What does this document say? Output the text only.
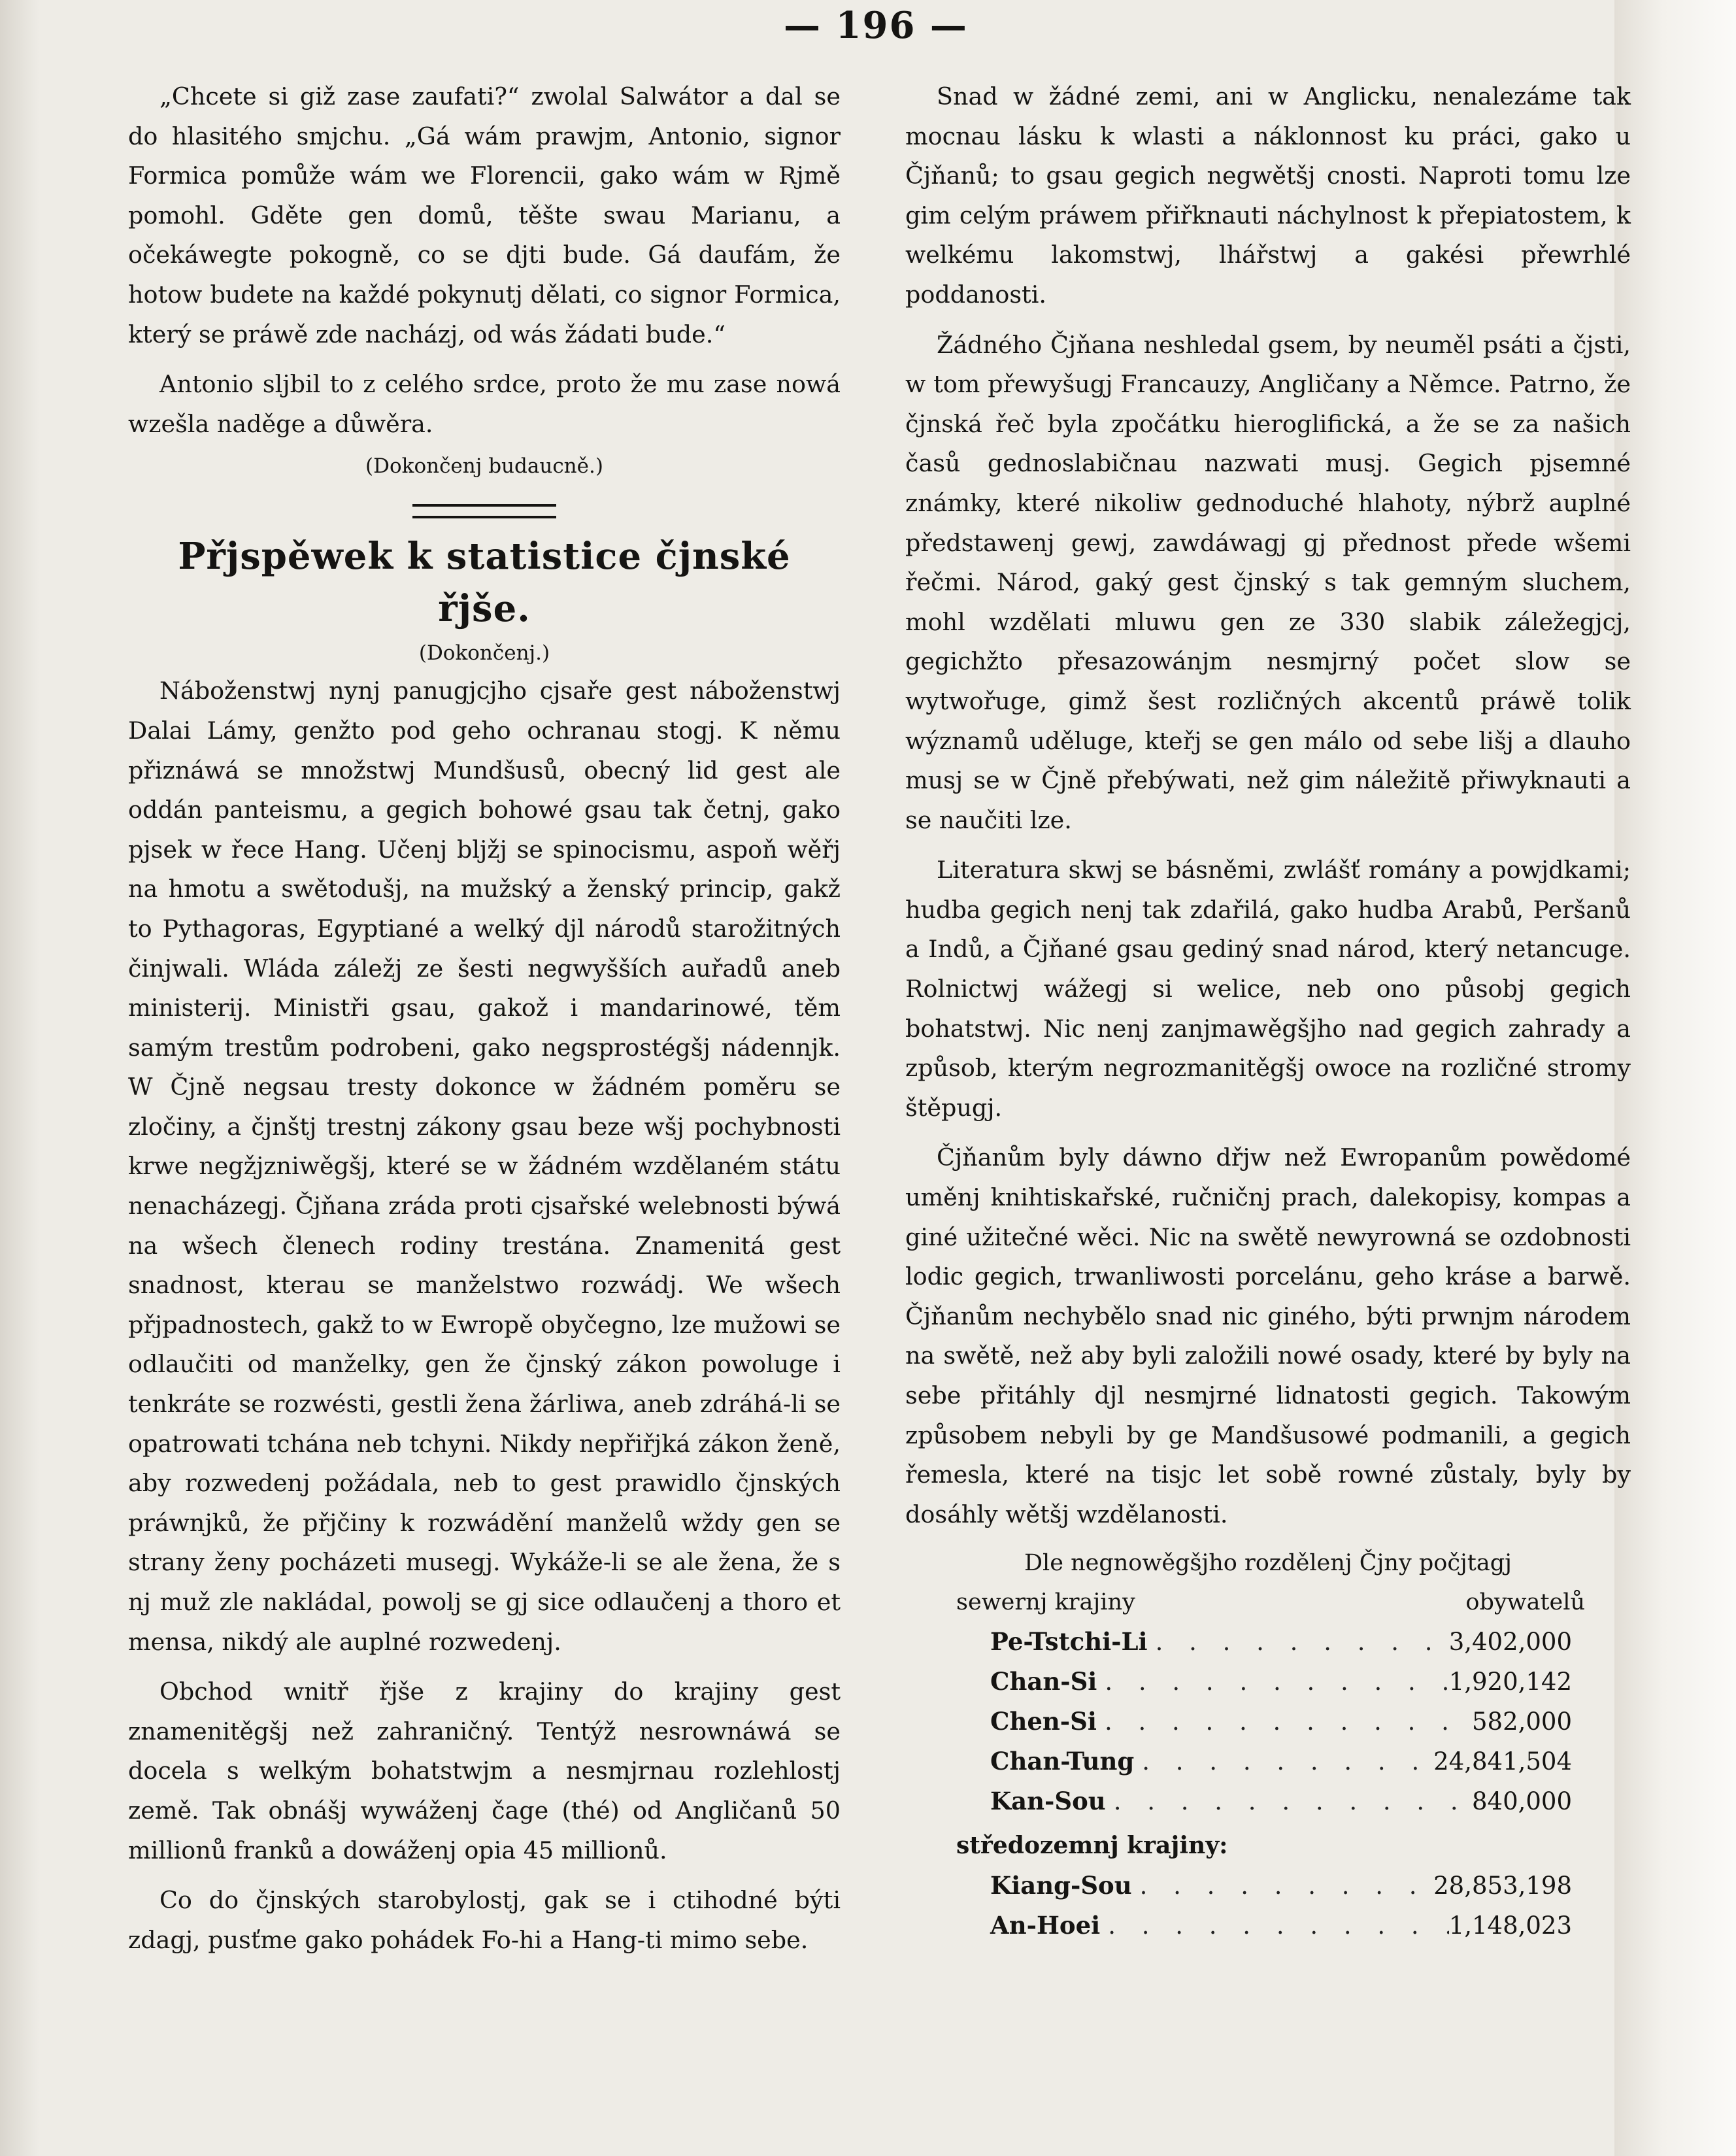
— 196 —

„Chcete si giž zase zaufati?“ zwolal Salwátor a dal se do hlasitého smjchu. „Gá wám prawjm, Antonio, signor Formica pomůže wám we Florencii, gako wám w Rjmě pomohl. Gděte gen domů, těšte swau Marianu, a očekáwegte pokogně, co se djti bude. Gá daufám, že hotow budete na každé pokynutj dělati, co signor Formica, který se práwě zde nacházj, od wás žádati bude.“

Antonio sljbil to z celého srdce, proto že mu zase nowá wzešla naděge a důwěra.

(Dokončenj budaucně.)
Přjspěwek k statistice čjnské řjše.
(Dokončenj.)

Náboženstwj nynj panugjcjho cjsaře gest náboženstwj Dalai Lámy, genžto pod geho ochranau stogj. K němu přiznáwá se množstwj Mundšusů, obecný lid gest ale oddán panteismu, a gegich bohowé gsau tak četnj, gako pjsek w řece Hang. Učenj bljžj se spinocismu, aspoň wěřj na hmotu a swětodušj, na mužský a ženský princip, gakž to Pythagoras, Egyptiané a welký djl národů starožitných činjwali. Wláda záležj ze šesti negwyšších auřadů aneb ministerij. Ministři gsau, gakož i mandarinowé, těm samým trestům podrobeni, gako negsprostégšj nádennjk. W Čjně negsau tresty dokonce w žádném poměru se zločiny, a čjnštj trestnj zákony gsau beze wšj pochybnosti krwe negžjzniwěgšj, které se w žádném wzdělaném státu nenacházegj. Čjňana zráda proti cjsařské welebnosti býwá na wšech členech rodiny trestána. Znamenitá gest snadnost, kterau se manželstwo rozwádj. We wšech přjpadnostech, gakž to w Ewropě obyčegno, lze mužowi se odlaučiti od manželky, gen že čjnský zákon powoluge i tenkráte se rozwésti, gestli žena žárliwa, aneb zdráhá-li se opatrowati tchána neb tchyni. Nikdy nepřiřjká zákon ženě, aby rozwedenj požádala, neb to gest prawidlo čjnských práwnjků, že přjčiny k rozwádění manželů wždy gen se strany ženy pocházeti musegj. Wykáže-li se ale žena, že s nj muž zle nakládal, powolj se gj sice odlaučenj a thoro et mensa, nikdý ale auplné rozwedenj.

Obchod wnitř řjše z krajiny do krajiny gest znamenitěgšj než zahraničný. Tentýž nesrownáwá se docela s welkým bohatstwjm a nesmjrnau rozlehlostj země. Tak obnášj wywáženj čage (thé) od Angličanů 50 millionů franků a dowáženj opia 45 millionů.

Co do čjnských starobylostj, gak se i ctihodné býti zdagj, pusťme gako pohádek Fo-hi a Hang-ti mimo sebe.

Snad w žádné zemi, ani w Anglicku, nenalezáme tak mocnau lásku k wlasti a náklonnost ku práci, gako u Čjňanů; to gsau gegich negwětšj cnosti. Naproti tomu lze gim celým práwem přiřknauti náchylnost k přepiatostem, k welkému lakomstwj, lhářstwj a gakési přewrhlé poddanosti.

Žádného Čjňana neshledal gsem, by neuměl psáti a čjsti, w tom přewyšugj Francauzy, Angličany a Němce. Patrno, že čjnská řeč byla zpočátku hieroglifická, a že se za našich časů gednoslabičnau nazwati musj. Gegich pjsemné známky, které nikoliw gednoduché hlahoty, nýbrž auplné předstawenj gewj, zawdáwagj gj přednost přede wšemi řečmi. Národ, gaký gest čjnský s tak gemným sluchem, mohl wzdělati mluwu gen ze 330 slabik záležegjcj, gegichžto přesazowánjm nesmjrný počet slow se wytwořuge, gimž šest rozličných akcentů práwě tolik wýznamů uděluge, kteřj se gen málo od sebe lišj a dlauho musj se w Čjně přebýwati, než gim náležitě přiwyknauti a se naučiti lze.

Literatura skwj se básněmi, zwlášť romány a powjdkami; hudba gegich nenj tak zdařilá, gako hudba Arabů, Peršanů a Indů, a Čjňané gsau gediný snad národ, který netancuge. Rolnictwj wážegj si welice, neb ono působj gegich bohatstwj. Nic nenj zanjmawěgšjho nad gegich zahrady a způsob, kterým negrozmanitěgšj owoce na rozličné stromy štěpugj.

Čjňanům byly dáwno dřjw než Ewropanům powědomé uměnj knihtiskařské, ručničnj prach, dalekopisy, kompas a giné užitečné wěci. Nic na swětě newyrowná se ozdobnosti lodic gegich, trwanliwosti porcelánu, geho kráse a barwě. Čjňanům nechybělo snad nic giného, býti prwnjm národem na swětě, než aby byli založili nowé osady, které by byly na sebe přitáhly djl nesmjrné lidnatosti gegich. Takowým způsobem nebyli by ge Mandšusowé podmanili, a gegich řemesla, které na tisjc let sobě rowné zůstaly, byly by dosáhly wětšj wzdělanosti.

Dle negnowěgšjho rozdělenj Čjny počjtagj
sewernj krajiny	obywatelů
Pe-Tstchi-Li . . .	3,402,000
Chan-Si . . .	1,920,142
Chen-Si . . .	582,000
Chan-Tung . . .	24,841,504
Kan-Sou . . .	840,000
středozemnj krajiny:
Kiang-Sou . . .	28,853,198
An-Hoei . . .	1,148,023
